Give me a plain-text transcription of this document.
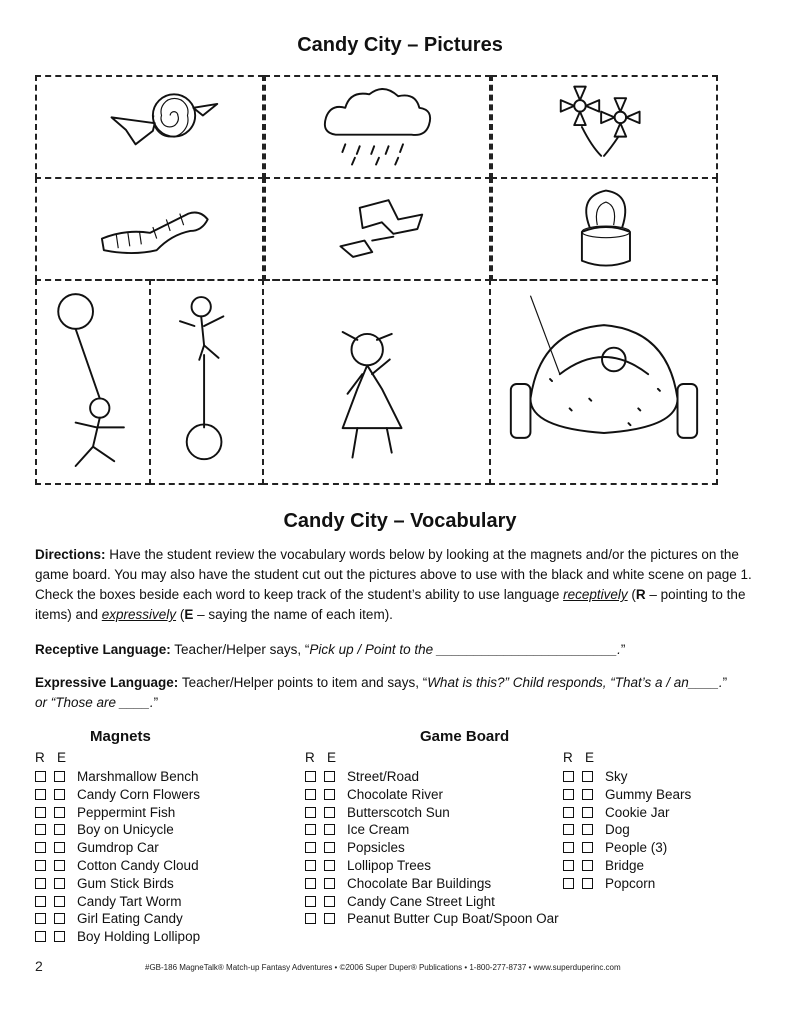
Candy City – Pictures
Candy City – Vocabulary
Directions: Have the student review the vocabulary words below by looking at the magnets and/or the pictures on the game board. You may also have the student cut out the pictures above to use with the black and white scene on page 1. Check the boxes beside each word to keep track of the student’s ability to use language receptively (R – pointing to the items) and expressively (E – saying the name of each item).
Receptive Language: Teacher/Helper says, “Pick up / Point to the ________________________.”
Expressive Language: Teacher/Helper points to item and says, “What is this?” Child responds, “That’s a / an____.”
or “Those are ____.”
Magnets
R E
Marshmallow Bench
Candy Corn Flowers
Peppermint Fish
Boy on Unicycle
Gumdrop Car
Cotton Candy Cloud
Gum Stick Birds
Candy Tart Worm
Girl Eating Candy
Boy Holding Lollipop
Game Board
R E
Street/Road
Chocolate River
Butterscotch Sun
Ice Cream
Popsicles
Lollipop Trees
Chocolate Bar Buildings
Candy Cane Street Light
Peanut Butter Cup Boat/Spoon Oar
R E
Sky
Gummy Bears
Cookie Jar
Dog
People (3)
Bridge
Popcorn
2	#GB-186 MagneTalk® Match-up Fantasy Adventures • ©2006 Super Duper® Publications • 1-800-277-8737 • www.superduperinc.com
